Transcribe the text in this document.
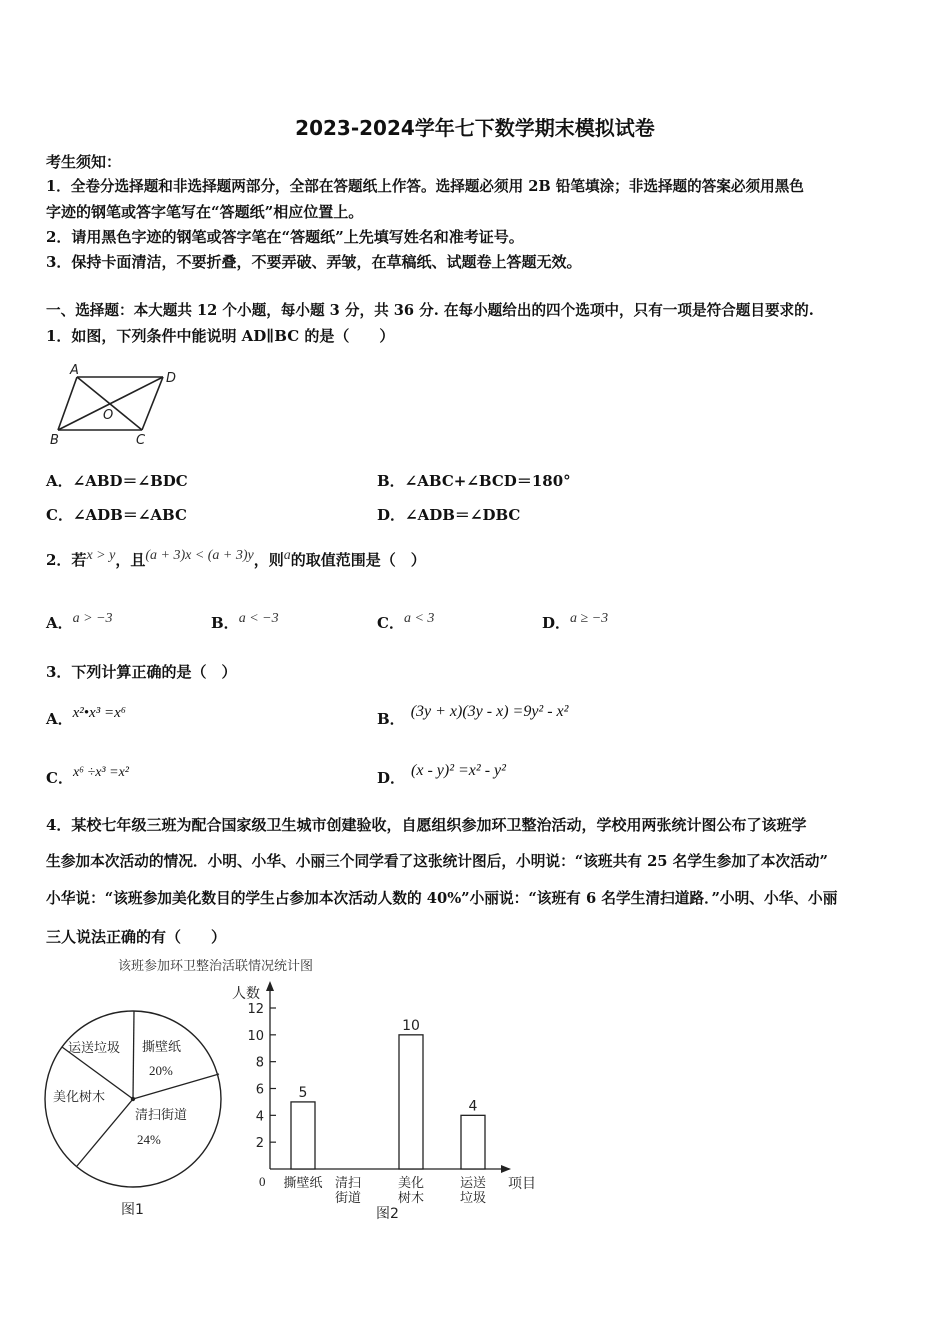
2023-2024学年七下数学期末模拟试卷
考生须知：
1．全卷分选择题和非选择题两部分，全部在答题纸上作答。选择题必须用 2B 铅笔填涂；非选择题的答案必须用黑色
字迹的钢笔或答字笔写在“答题纸”相应位置上。
2．请用黑色字迹的钢笔或答字笔在“答题纸”上先填写姓名和准考证号。
3．保持卡面清洁，不要折叠，不要弄破、弄皱，在草稿纸、试题卷上答题无效。
一、选择题：本大题共 12 个小题，每小题 3 分，共 36 分. 在每小题给出的四个选项中，只有一项是符合题目要求的.
1．如图，下列条件中能说明 AD∥BC 的是（　　）
A
D
O
B	C
A．∠ABD＝∠BDC	B．∠ABC+∠BCD＝180°
C．∠ADB＝∠ABC	D．∠ADB＝∠DBC
2．若x > y，且(a + 3)x < (a + 3)y，则a的取值范围是（　）
A．a > −3	B．a < −3	C．a < 3	D．a ≥ −3
3．下列计算正确的是（　）
A．x²•x³ =x⁶	B． (3y + x)(3y - x) =9y² - x²
C．x⁶ ÷x³ =x²	D． (x - y)² =x² - y²
4．某校七年级三班为配合国家级卫生城市创建验收，自愿组织参加环卫整治活动，学校用两张统计图公布了该班学
生参加本次活动的情况．小明、小华、小丽三个同学看了这张统计图后，小明说：“该班共有 25 名学生参加了本次活动”
小华说：“该班参加美化数目的学生占参加本次活动人数的 40%”小丽说：“该班有 6 名学生清扫道路．”小明、小华、小丽
三人说法正确的有（　　）
该班参加环卫整治活联情况统计图
运送垃圾 撕壁纸
20%
美化树木
清扫街道
24%
图1
人数
项目
0
2
4
6
8
10
12
5
撕壁纸 清扫
街道
10
美化
树木
4
运送
垃圾
图2
